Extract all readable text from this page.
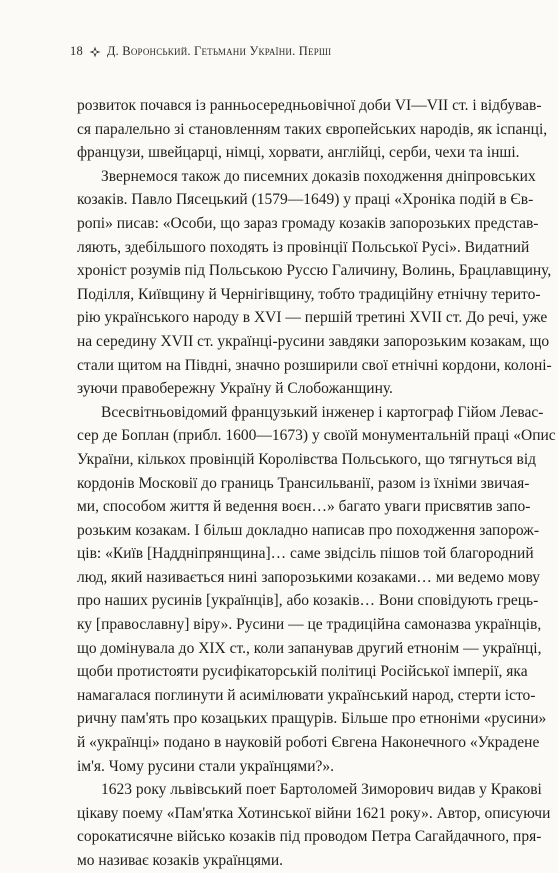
18 Д. Воронський. Гетьмани України. Перші
розвиток почався із ранньосередньовічної доби VI—VII ст. і відбував-
ся паралельно зі становленням таких європейських народів, як іспанці,
французи, швейцарці, німці, хорвати, англійці, серби, чехи та інші.
Звернемося також до писемних доказів походження дніпровських
козаків. Павло Пясецький (1579—1649) у праці «Хроніка подій в Єв-
ропі» писав: «Особи, що зараз громаду козаків запорозьких представ-
ляють, здебільшого походять із провінції Польської Русі». Видатний
хроніст розумів під Польською Руссю Галичину, Волинь, Брацлавщину,
Поділля, Київщину й Чернігівщину, тобто традиційну етнічну терито-
рію українського народу в XVI — першій третині XVII ст. До речі, уже
на середину XVII ст. українці-русини завдяки запорозьким козакам, що
стали щитом на Півдні, значно розширили свої етнічні кордони, колоні-
зуючи правобережну Україну й Слобожанщину.
Всесвітньовідомий французький інженер і картограф Гійом Левас-
сер де Боплан (прибл. 1600—1673) у своїй монументальній праці «Опис
України, кількох провінцій Королівства Польського, що тягнуться від
кордонів Московії до границь Трансильванії, разом із їхніми звичая-
ми, способом життя й ведення воєн…» багато уваги присвятив запо-
розьким козакам. І більш докладно написав про походження запорож-
ців: «Київ [Наддніпрянщина]… саме звідсіль пішов той благородний
люд, який називається нині запорозькими козаками… ми ведемо мову
про наших русинів [українців], або козаків… Вони сповідують грець-
ку [православну] віру». Русини — це традиційна самоназва українців,
що домінувала до XIX ст., коли запанував другий етнонім — українці,
щоби протистояти русифікаторській політиці Російської імперії, яка
намагалася поглинути й асимілювати український народ, стерти істо-
ричну пам'ять про козацьких пращурів. Більше про етноніми «русини»
й «українці» подано в науковій роботі Євгена Наконечного «Украдене
ім'я. Чому русини стали українцями?».
1623 року львівський поет Бартоломей Зиморович видав у Кракові
цікаву поему «Пам'ятка Хотинської війни 1621 року». Автор, описуючи
сорокатисячне військо козаків під проводом Петра Сагайдачного, пря-
мо називає козаків українцями.
